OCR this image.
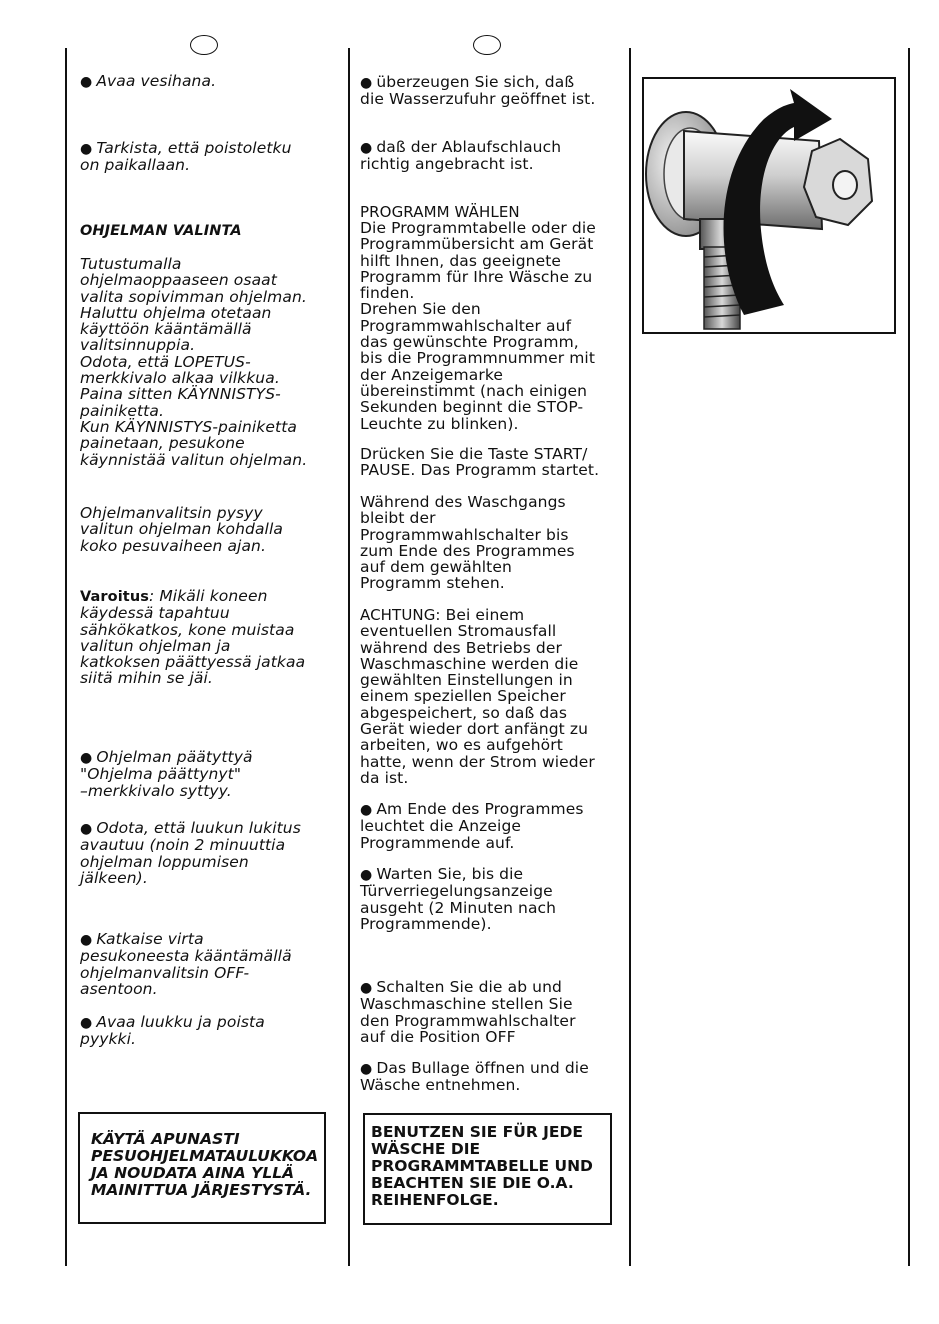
● Avaa vesihana.
● Tarkista, että poistoletku
on paikallaan.
OHJELMAN VALINTA
Tutustumalla
ohjelmaoppaaseen osaat
valita sopivimman ohjelman.
Haluttu ohjelma otetaan
käyttöön kääntämällä
valitsinnuppia.
Odota, että LOPETUS-
merkkivalo alkaa vilkkua.
Paina sitten KÄYNNISTYS-
painiketta.
Kun KÄYNNISTYS-painiketta
painetaan, pesukone
käynnistää valitun ohjelman.
Ohjelmanvalitsin pysyy
valitun ohjelman kohdalla
koko pesuvaiheen ajan.
Varoitus: Mikäli koneen
käydessä tapahtuu
sähkökatkos, kone muistaa
valitun ohjelman ja
katkoksen päättyessä jatkaa
siitä mihin se jäi.
● Ohjelman päätyttyä
"Ohjelma päättynyt"
–merkkivalo syttyy.
● Odota, että luukun lukitus
avautuu (noin 2 minuuttia
ohjelman loppumisen
jälkeen).
● Katkaise virta
pesukoneesta kääntämällä
ohjelmanvalitsin OFF-
asentoon.
● Avaa luukku ja poista
pyykki.
KÄYTÄ APUNASTI
PESUOHJELMATAULUKKOA
JA NOUDATA AINA YLLÄ
MAINITTUA JÄRJESTYSTÄ.
● überzeugen Sie sich, daß
die Wasserzufuhr geöffnet ist.
● daß der Ablaufschlauch
richtig angebracht ist.
PROGRAMM WÄHLEN
Die Programmtabelle oder die
Programmübersicht am Gerät
hilft Ihnen, das geeignete
Programm für Ihre Wäsche zu
finden.
Drehen Sie den
Programmwahlschalter auf
das gewünschte Programm,
bis die Programmnummer mit
der Anzeigemarke
übereinstimmt (nach einigen
Sekunden beginnt die STOP-
Leuchte zu blinken).
Drücken Sie die Taste START/
PAUSE. Das Programm startet.
Während des Waschgangs
bleibt der
Programmwahlschalter bis
zum Ende des Programmes
auf dem gewählten
Programm stehen.
ACHTUNG: Bei einem
eventuellen Stromausfall
während des Betriebs der
Waschmaschine werden die
gewählten Einstellungen in
einem speziellen Speicher
abgespeichert, so daß das
Gerät wieder dort anfängt zu
arbeiten, wo es aufgehört
hatte, wenn der Strom wieder
da ist.
● Am Ende des Programmes
leuchtet die Anzeige
Programmende auf.
● Warten Sie, bis die
Türverriegelungsanzeige
ausgeht (2 Minuten nach
Programmende).
● Schalten Sie die ab und
Waschmaschine stellen Sie
den Programmwahlschalter
auf die Position OFF
● Das Bullage öffnen und die
Wäsche entnehmen.
BENUTZEN SIE FÜR JEDE
WÄSCHE DIE
PROGRAMMTABELLE UND
BEACHTEN SIE DIE O.A.
REIHENFOLGE.
